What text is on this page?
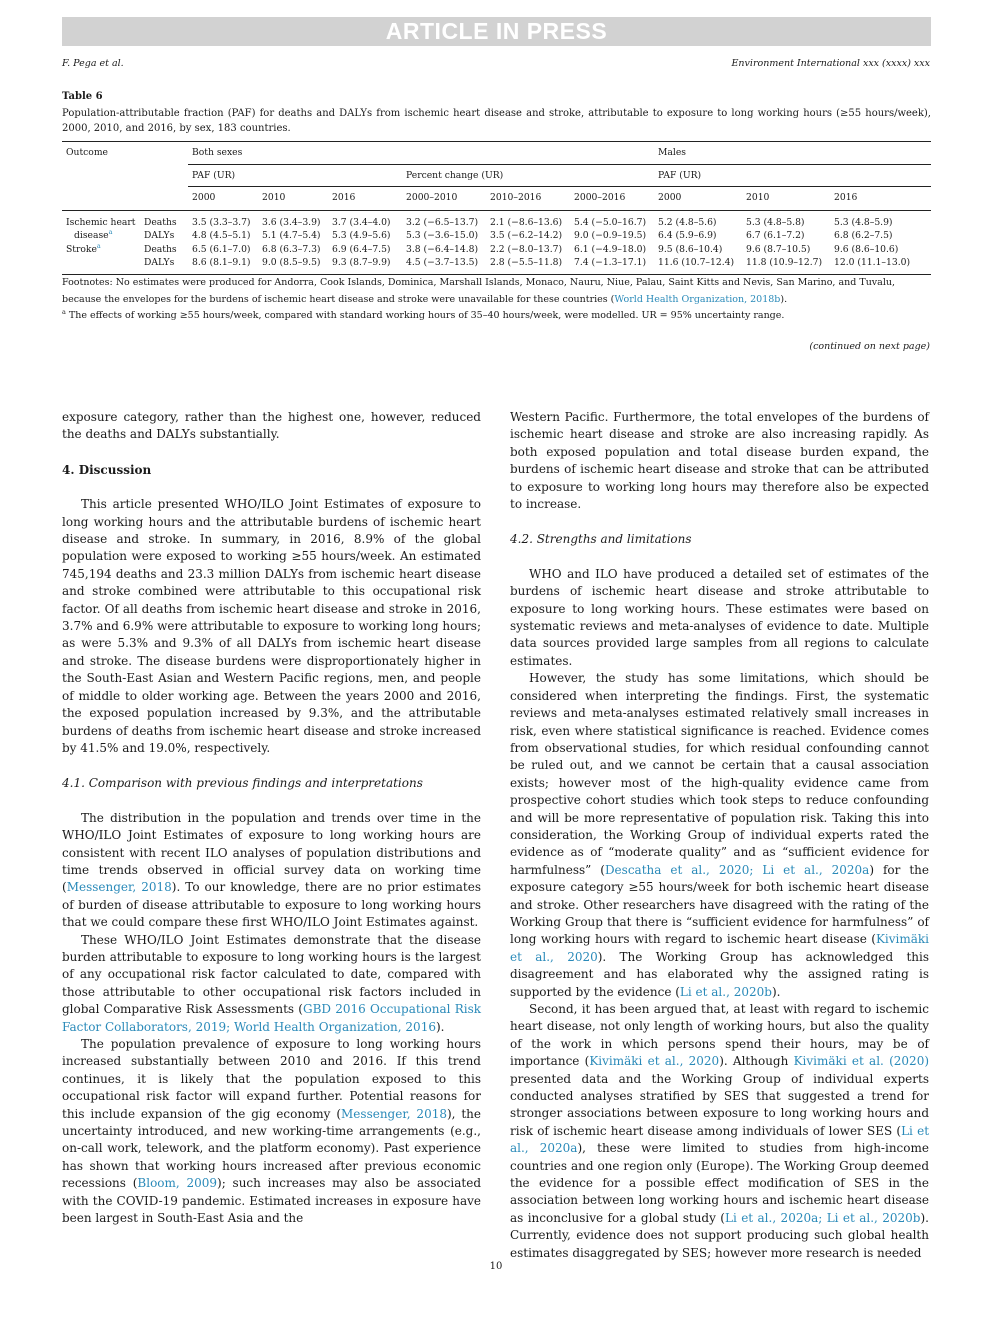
ARTICLE IN PRESS
F. Pega et al.	Environment International xxx (xxxx) xxx
Table 6
Population-attributable fraction (PAF) for deaths and DALYs from ischemic heart disease and stroke, attributable to exposure to long working hours (≥55 hours/week), 2000, 2010, and 2016, by sex, 183 countries.
Outcome		Both sexes						Males		
		PAF (UR)			Percent change (UR)			PAF (UR)		
		2000	2010	2016	2000–2010	2010–2016	2000–2016	2000	2010	2016
Ischemic heart	Deaths	3.5 (3.3–3.7)	3.6 (3.4–3.9)	3.7 (3.4–4.0)	3.2 (−6.5–13.7)	2.1 (−8.6–13.6)	5.4 (−5.0–16.7)	5.2 (4.8–5.6)	5.3 (4.8–5.8)	5.3 (4.8–5.9)
disease$^a$	DALYs	4.8 (4.5–5.1)	5.1 (4.7–5.4)	5.3 (4.9–5.6)	5.3 (−3.6–15.0)	3.5 (−6.2–14.2)	9.0 (−0.9–19.5)	6.4 (5.9–6.9)	6.7 (6.1–7.2)	6.8 (6.2–7.5)
Stroke$^a$	Deaths	6.5 (6.1–7.0)	6.8 (6.3–7.3)	6.9 (6.4–7.5)	3.8 (−6.4–14.8)	2.2 (−8.0–13.7)	6.1 (−4.9–18.0)	9.5 (8.6–10.4)	9.6 (8.7–10.5)	9.6 (8.6–10.6)
	DALYs	8.6 (8.1–9.1)	9.0 (8.5–9.5)	9.3 (8.7–9.9)	4.5 (−3.7–13.5)	2.8 (−5.5–11.8)	7.4 (−1.3–17.1)	11.6 (10.7–12.4)	11.8 (10.9–12.7)	12.0 (11.1–13.0)

Footnotes: No estimates were produced for Andorra, Cook Islands, Dominica, Marshall Islands, Monaco, Nauru, Niue, Palau, Saint Kitts and Nevis, San Marino, and Tuvalu, because the envelopes for the burdens of ischemic heart disease and stroke were unavailable for these countries (World Health Organization, 2018b).

$^a$ The effects of working ≥55 hours/week, compared with standard working hours of 35–40 hours/week, were modelled. UR = 95% uncertainty range.

(continued on next page)

exposure category, rather than the highest one, however, reduced the deaths and DALYs substantially.

4. Discussion

This article presented WHO/ILO Joint Estimates of exposure to long working hours and the attributable burdens of ischemic heart disease and stroke. In summary, in 2016, 8.9% of the global population were exposed to working ≥55 hours/week. An estimated 745,194 deaths and 23.3 million DALYs from ischemic heart disease and stroke combined were attributable to this occupational risk factor. Of all deaths from ischemic heart disease and stroke in 2016, 3.7% and 6.9% were attributable to exposure to working long hours; as were 5.3% and 9.3% of all DALYs from ischemic heart disease and stroke. The disease burdens were disproportionately higher in the South-East Asian and Western Pacific regions, men, and people of middle to older working age. Between the years 2000 and 2016, the exposed population increased by 9.3%, and the attributable burdens of deaths from ischemic heart disease and stroke increased by 41.5% and 19.0%, respectively.

4.1. Comparison with previous findings and interpretations

The distribution in the population and trends over time in the WHO/ILO Joint Estimates of exposure to long working hours are consistent with recent ILO analyses of population distributions and time trends observed in official survey data on working time (Messenger, 2018). To our knowledge, there are no prior estimates of burden of disease attributable to exposure to long working hours that we could compare these first WHO/ILO Joint Estimates against.

These WHO/ILO Joint Estimates demonstrate that the disease burden attributable to exposure to long working hours is the largest of any occupational risk factor calculated to date, compared with those attributable to other occupational risk factors included in global Comparative Risk Assessments (GBD 2016 Occupational Risk Factor Collaborators, 2019; World Health Organization, 2016).

The population prevalence of exposure to long working hours increased substantially between 2010 and 2016. If this trend continues, it is likely that the population exposed to this occupational risk factor will expand further. Potential reasons for this include expansion of the gig economy (Messenger, 2018), the uncertainty introduced, and new working-time arrangements (e.g., on-call work, telework, and the platform economy). Past experience has shown that working hours increased after previous economic recessions (Bloom, 2009); such increases may also be associated with the COVID-19 pandemic. Estimated increases in exposure have been largest in South-East Asia and the

Western Pacific. Furthermore, the total envelopes of the burdens of ischemic heart disease and stroke are also increasing rapidly. As both exposed population and total disease burden expand, the burdens of ischemic heart disease and stroke that can be attributed to exposure to working long hours may therefore also be expected to increase.

4.2. Strengths and limitations

WHO and ILO have produced a detailed set of estimates of the burdens of ischemic heart disease and stroke attributable to exposure to long working hours. These estimates were based on systematic reviews and meta-analyses of evidence to date. Multiple data sources provided large samples from all regions to calculate estimates.

However, the study has some limitations, which should be considered when interpreting the findings. First, the systematic reviews and meta-analyses estimated relatively small increases in risk, even where statistical significance is reached. Evidence comes from observational studies, for which residual confounding cannot be ruled out, and we cannot be certain that a causal association exists; however most of the high-quality evidence came from prospective cohort studies which took steps to reduce confounding and will be more representative of population risk. Taking this into consideration, the Working Group of individual experts rated the evidence as of “moderate quality” and as “sufficient evidence for harmfulness” (Descatha et al., 2020; Li et al., 2020a) for the exposure category ≥55 hours/week for both ischemic heart disease and stroke. Other researchers have disagreed with the rating of the Working Group that there is “sufficient evidence for harmfulness” of long working hours with regard to ischemic heart disease (Kivimäki et al., 2020). The Working Group has acknowledged this disagreement and has elaborated why the assigned rating is supported by the evidence (Li et al., 2020b).

Second, it has been argued that, at least with regard to ischemic heart disease, not only length of working hours, but also the quality of the work in which persons spend their hours, may be of importance (Kivimäki et al., 2020). Although Kivimäki et al. (2020) presented data and the Working Group of individual experts conducted analyses stratified by SES that suggested a trend for stronger associations between exposure to long working hours and risk of ischemic heart disease among individuals of lower SES (Li et al., 2020a), these were limited to studies from high-income countries and one region only (Europe). The Working Group deemed the evidence for a possible effect modification of SES in the association between long working hours and ischemic heart disease as inconclusive for a global study (Li et al., 2020a; Li et al., 2020b). Currently, evidence does not support producing such global health estimates disaggregated by SES; however more research is needed

10
